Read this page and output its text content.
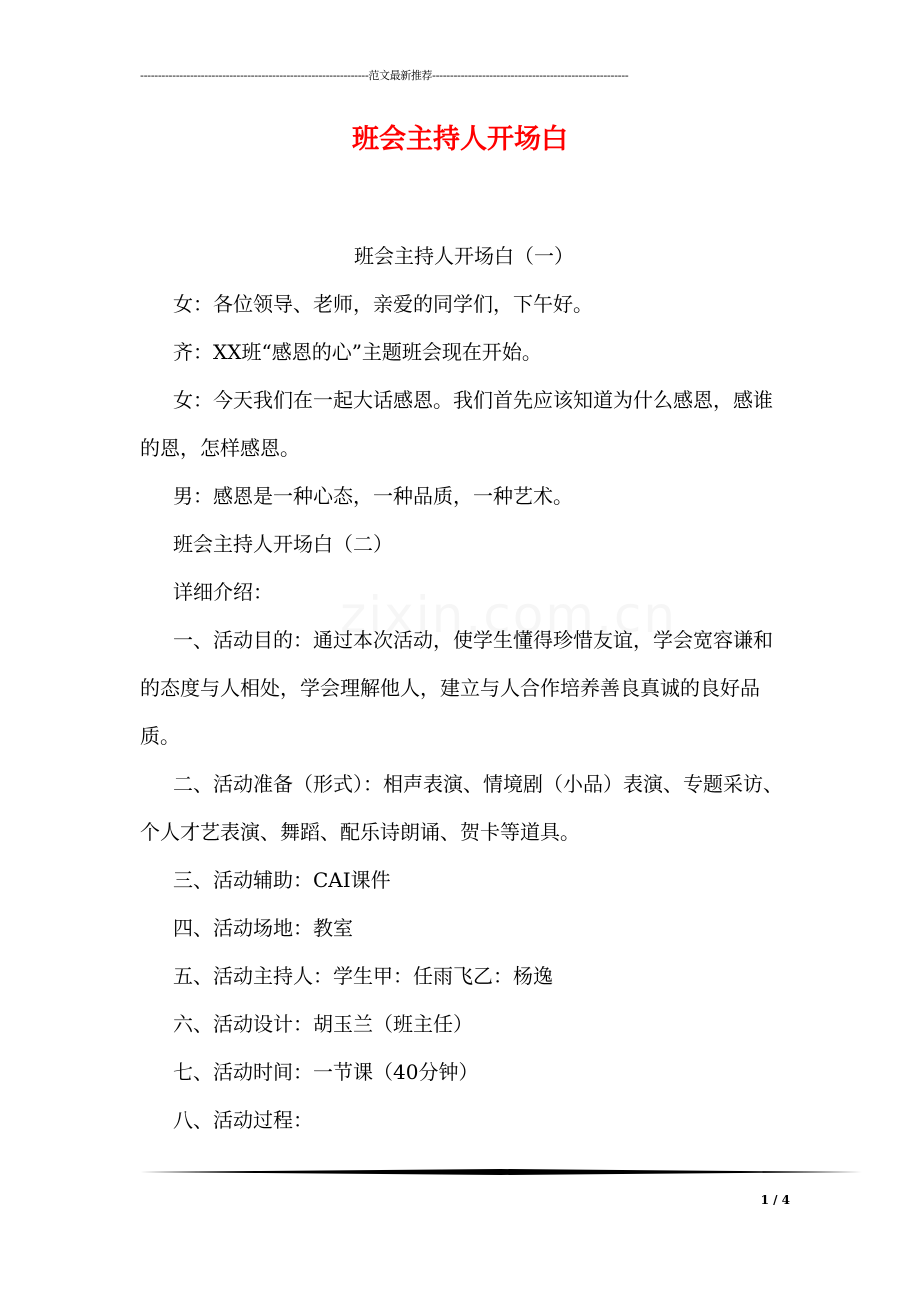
----------------------------------------------------------------范文最新推荐-------------------------------------------------------
班会主持人开场白

班会主持人开场白（一）

女：各位领导、老师，亲爱的同学们，下午好。

齐：XX班“感恩的心”主题班会现在开始。

女：今天我们在一起大话感恩。我们首先应该知道为什么感恩，感谁的恩，怎样感恩。

男：感恩是一种心态，一种品质，一种艺术。

班会主持人开场白（二）

详细介绍：

一、活动目的：通过本次活动，使学生懂得珍惜友谊，学会宽容谦和的态度与人相处，学会理解他人，建立与人合作培养善良真诚的良好品质。

二、活动准备（形式）：相声表演、情境剧（小品）表演、专题采访、个人才艺表演、舞蹈、配乐诗朗诵、贺卡等道具。

三、活动辅助：CAI课件

四、活动场地：教室

五、活动主持人：学生甲：任雨飞乙：杨逸

六、活动设计：胡玉兰（班主任）

七、活动时间：一节课（40分钟）

八、活动过程：

1 / 4
